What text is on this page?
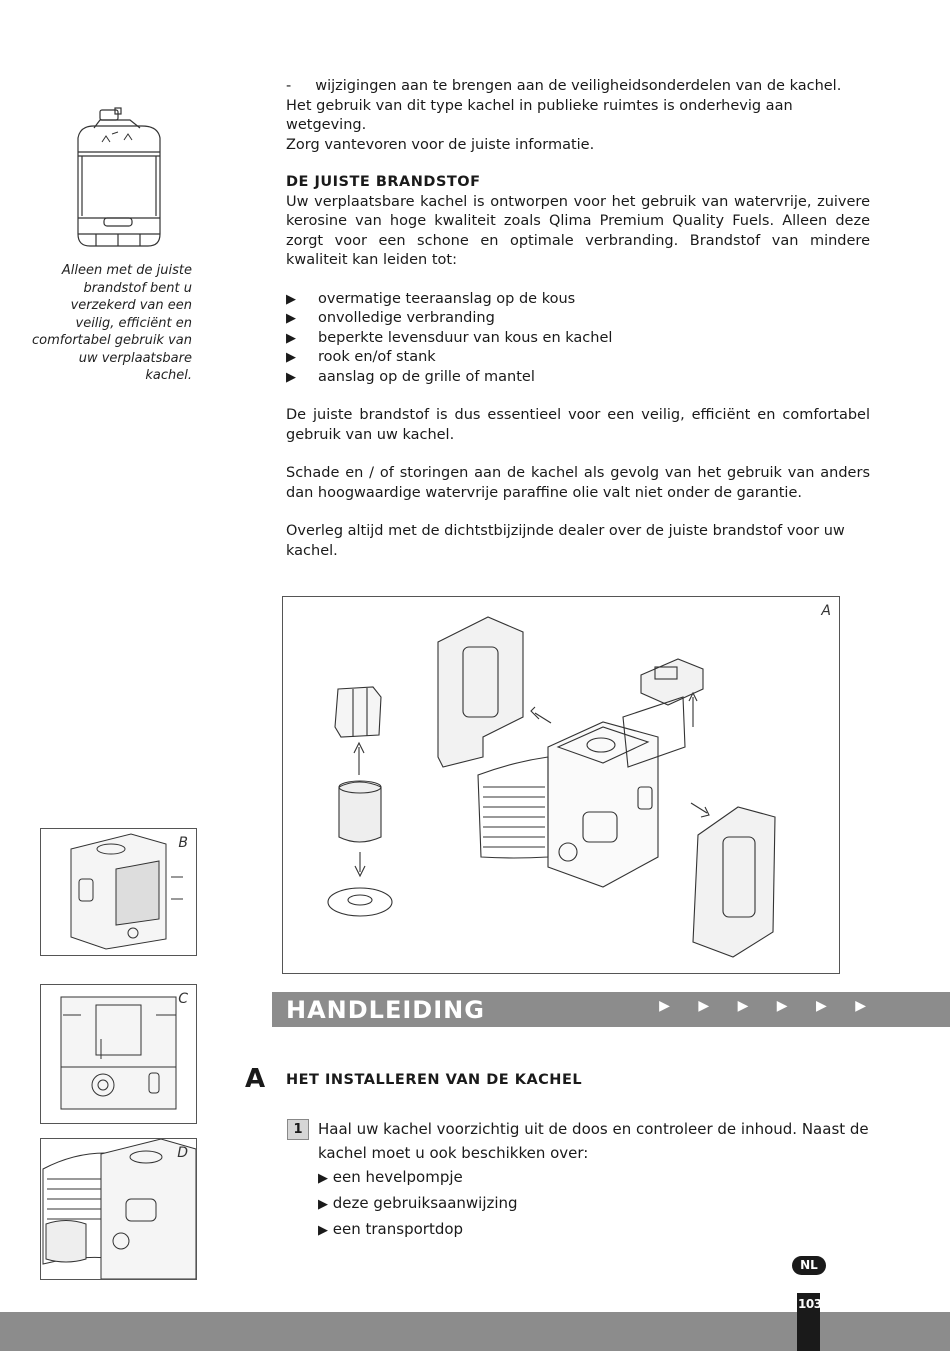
- wijzigingen aan te brengen aan de veiligheidsonderdelen van de kachel.
Het gebruik van dit type kachel in publieke ruimtes is onderhevig aan wetgeving.
Zorg vantevoren voor de juiste informatie.
Alleen met de juiste brandstof bent u verzekerd van een veilig, efficiënt en comfortabel gebruik van uw verplaatsbare kachel.
DE JUISTE BRANDSTOF
Uw verplaatsbare kachel is ontworpen voor het gebruik van watervrije, zuivere kerosine van hoge kwaliteit zoals Qlima Premium Quality Fuels. Alleen deze zorgt voor een schone en optimale verbranding. Brandstof van mindere kwaliteit kan leiden tot:
▶ overmatige teeraanslag op de kous
▶ onvolledige verbranding
▶ beperkte levensduur van kous en kachel
▶ rook en/of stank
▶ aanslag op de grille of mantel
De juiste brandstof is dus essentieel voor een veilig, efficiënt en comfortabel gebruik van uw kachel.
Schade en / of storingen aan de kachel als gevolg van het gebruik van anders dan hoogwaardige watervrije paraffine olie valt niet onder de garantie.
Overleg altijd met de dichtstbijzijnde dealer over de juiste brandstof voor uw kachel.
A
B
C
D
HANDLEIDING	▶ ▶ ▶ ▶ ▶ ▶
A HET INSTALLEREN VAN DE KACHEL
1	Haal uw kachel voorzichtig uit de doos en controleer de inhoud. Naast de
kachel moet u ook beschikken over:
▶ een hevelpompje
▶ deze gebruiksaanwijzing
▶ een transportdop
NL
103
